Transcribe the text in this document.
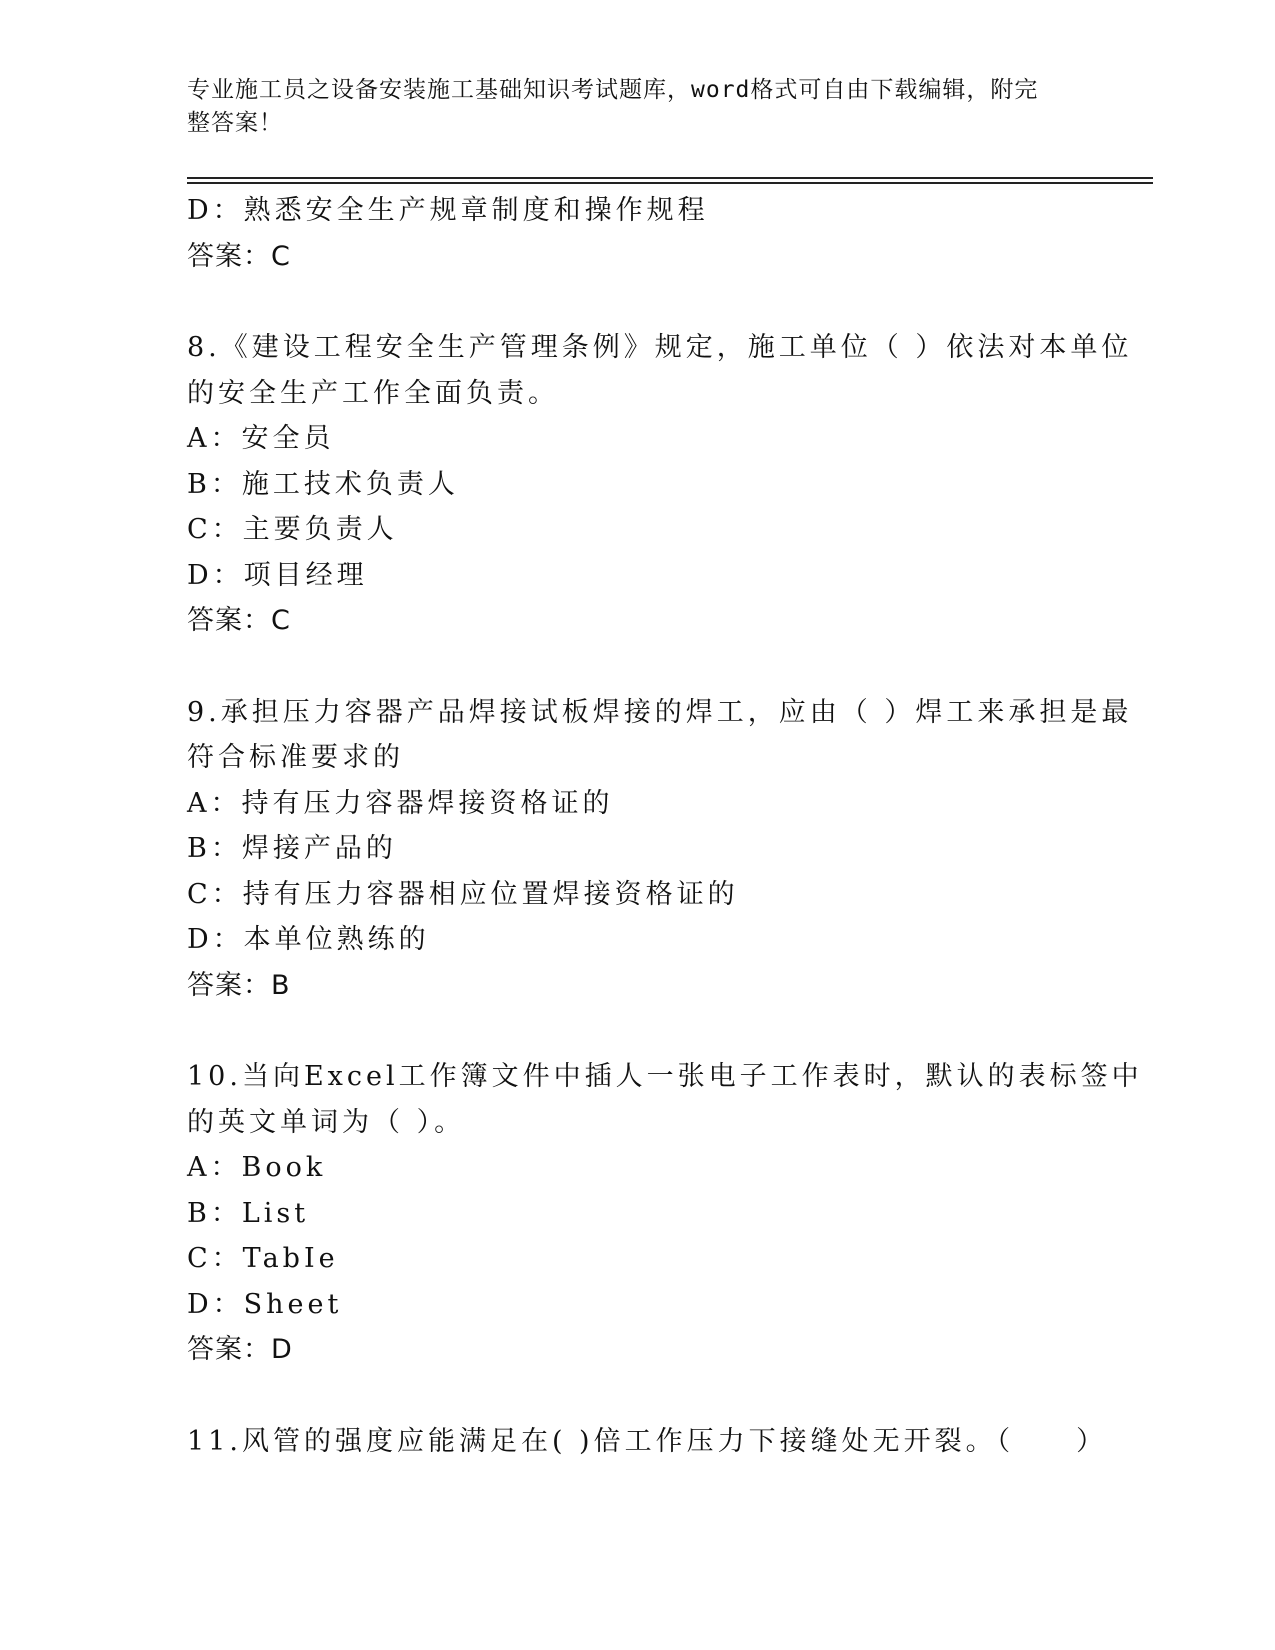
专业施工员之设备安装施工基础知识考试题库，word格式可自由下载编辑，附完
整答案！
D：熟悉安全生产规章制度和操作规程
答案：C
8.《建设工程安全生产管理条例》规定，施工单位（ ）依法对本单位
的安全生产工作全面负责。
A：安全员
B：施工技术负责人
C：主要负责人
D：项目经理
答案：C
9.承担压力容器产品焊接试板焊接的焊工，应由（ ）焊工来承担是最
符合标准要求的
A：持有压力容器焊接资格证的
B：焊接产品的
C：持有压力容器相应位置焊接资格证的
D：本单位熟练的
答案：B
10.当向Excel工作簿文件中插人一张电子工作表时，默认的表标签中
的英文单词为（ ）。
A：Book
B：List
C：TabIe
D：Sheet
答案：D
11.风管的强度应能满足在( )倍工作压力下接缝处无开裂。（　　）
